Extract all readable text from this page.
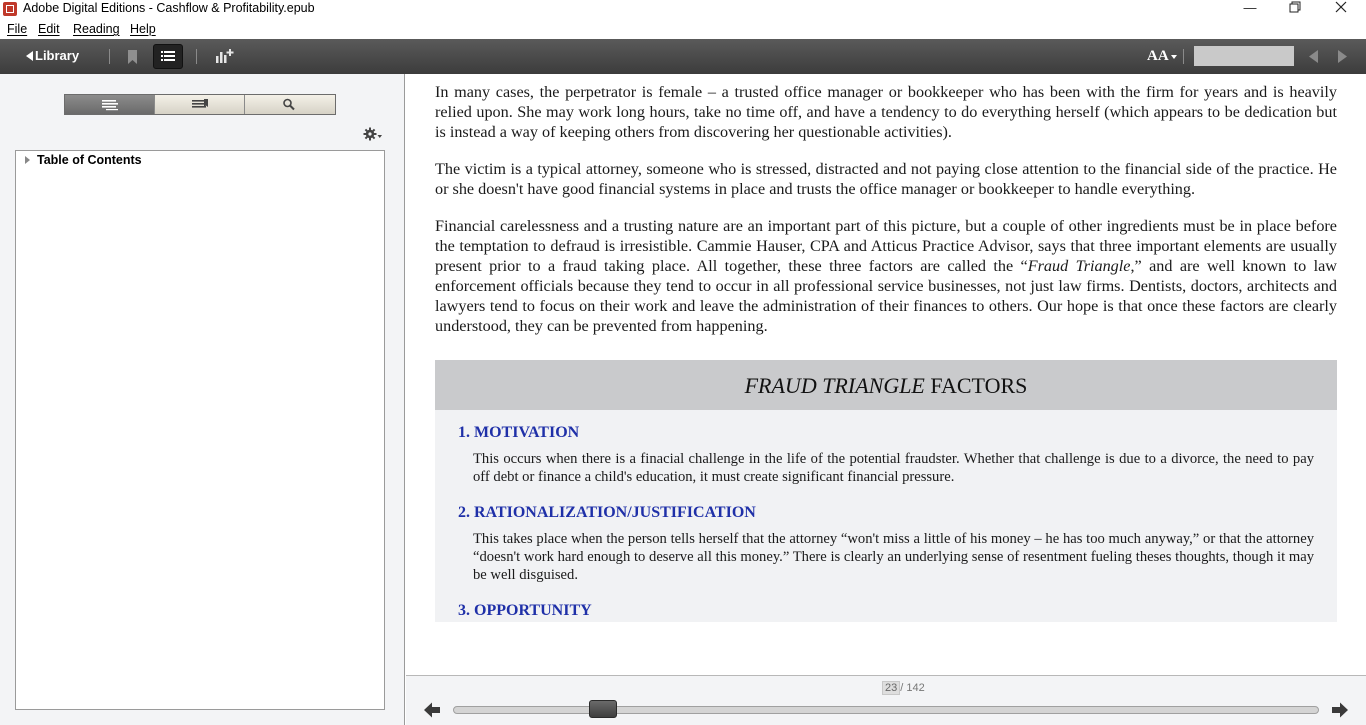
Adobe Digital Editions - Cashflow & Profitability.epub	—
File Edit Reading Help
Library	AA
Table of Contents

In many cases, the perpetrator is female – a trusted office manager or bookkeeper who has been with the firm for years and is heavily relied upon. She may work long hours, take no time off, and have a tendency to do everything herself (which appears to be dedication but is instead a way of keeping others from discovering her questionable activities).

The victim is a typical attorney, someone who is stressed, distracted and not paying close attention to the financial side of the practice. He or she doesn't have good financial systems in place and trusts the office manager or bookkeeper to handle everything.

Financial carelessness and a trusting nature are an important part of this picture, but a couple of other ingredients must be in place before the temptation to defraud is irresistible. Cammie Hauser, CPA and Atticus Practice Advisor, says that three important elements are usually present prior to a fraud taking place. All together, these three factors are called the “Fraud Triangle,” and are well known to law enforcement officials because they tend to occur in all professional service businesses, not just law firms. Dentists, doctors, architects and lawyers tend to focus on their work and leave the administration of their finances to others. Our hope is that once these factors are clearly understood, they can be prevented from happening.

FRAUD TRIANGLE FACTORS
1. MOTIVATION
This occurs when there is a finacial challenge in the life of the potential fraudster. Whether that challenge is due to a divorce, the need to pay off debt or finance a child's education, it must create significant financial pressure.
2. RATIONALIZATION/JUSTIFICATION
This takes place when the person tells herself that the attorney “won't miss a little of his money – he has too much anyway,” or that the attorney “doesn't work hard enough to deserve all this money.” There is clearly an underlying sense of resentment fueling theses thoughts, though it may be well disguised.
3. OPPORTUNITY
23 / 142
